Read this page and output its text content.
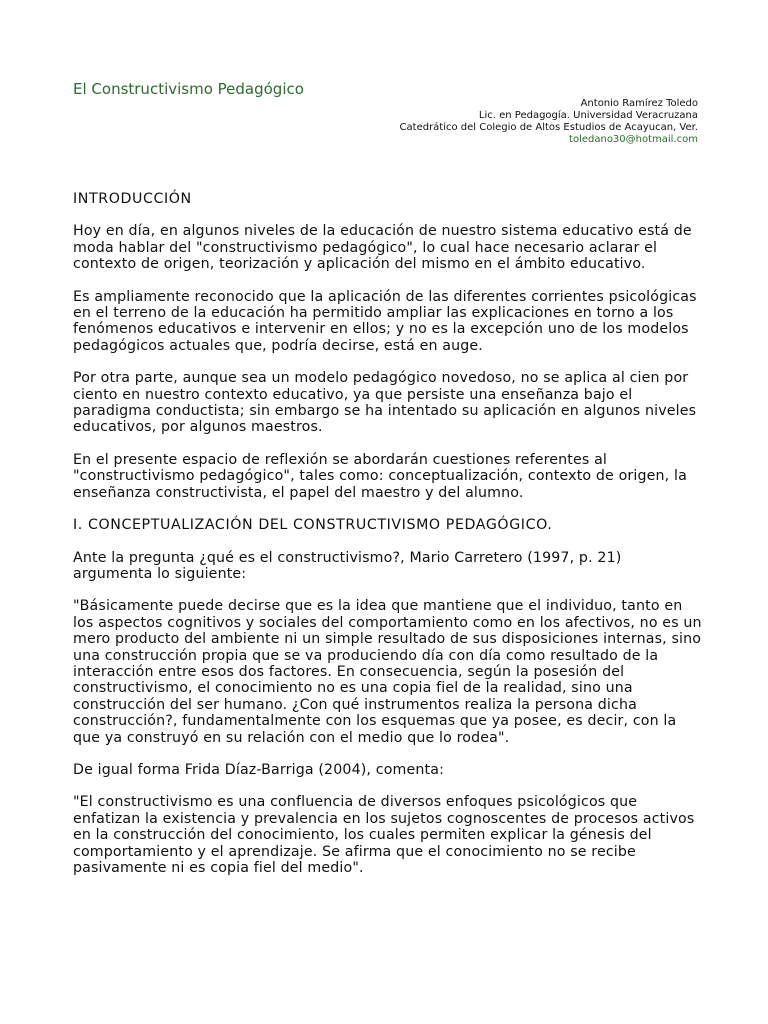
El Constructivismo Pedagógico
Antonio Ramírez Toledo
Lic. en Pedagogía. Universidad Veracruzana
Catedrático del Colegio de Altos Estudios de Acayucan, Ver.
toledano30@hotmail.com
INTRODUCCIÓN

Hoy en día, en algunos niveles de la educación de nuestro sistema educativo está de moda hablar del "constructivismo pedagógico", lo cual hace necesario aclarar el contexto de origen, teorización y aplicación del mismo en el ámbito educativo.

Es ampliamente reconocido que la aplicación de las diferentes corrientes psicológicas en el terreno de la educación ha permitido ampliar las explicaciones en torno a los fenómenos educativos e intervenir en ellos; y no es la excepción uno de los modelos pedagógicos actuales que, podría decirse, está en auge.

Por otra parte, aunque sea un modelo pedagógico novedoso, no se aplica al cien por ciento en nuestro contexto educativo, ya que persiste una enseñanza bajo el paradigma conductista; sin embargo se ha intentado su aplicación en algunos niveles educativos, por algunos maestros.

En el presente espacio de reflexión se abordarán cuestiones referentes al "constructivismo pedagógico", tales como: conceptualización, contexto de origen, la enseñanza constructivista, el papel del maestro y del alumno.

I. CONCEPTUALIZACIÓN DEL CONSTRUCTIVISMO PEDAGÓGICO.

Ante la pregunta ¿qué es el constructivismo?, Mario Carretero (1997, p. 21) argumenta lo siguiente:

"Básicamente puede decirse que es la idea que mantiene que el individuo, tanto en los aspectos cognitivos y sociales del comportamiento como en los afectivos, no es un mero producto del ambiente ni un simple resultado de sus disposiciones internas, sino una construcción propia que se va produciendo día con día como resultado de la interacción entre esos dos factores. En consecuencia, según la posesión del constructivismo, el conocimiento no es una copia fiel de la realidad, sino una construcción del ser humano. ¿Con qué instrumentos realiza la persona dicha construcción?, fundamentalmente con los esquemas que ya posee, es decir, con la que ya construyó en su relación con el medio que lo rodea".

De igual forma Frida Díaz-Barriga (2004), comenta:

"El constructivismo es una confluencia de diversos enfoques psicológicos que enfatizan la existencia y prevalencia en los sujetos cognoscentes de procesos activos en la construcción del conocimiento, los cuales permiten explicar la génesis del comportamiento y el aprendizaje. Se afirma que el conocimiento no se recibe pasivamente ni es copia fiel del medio".
